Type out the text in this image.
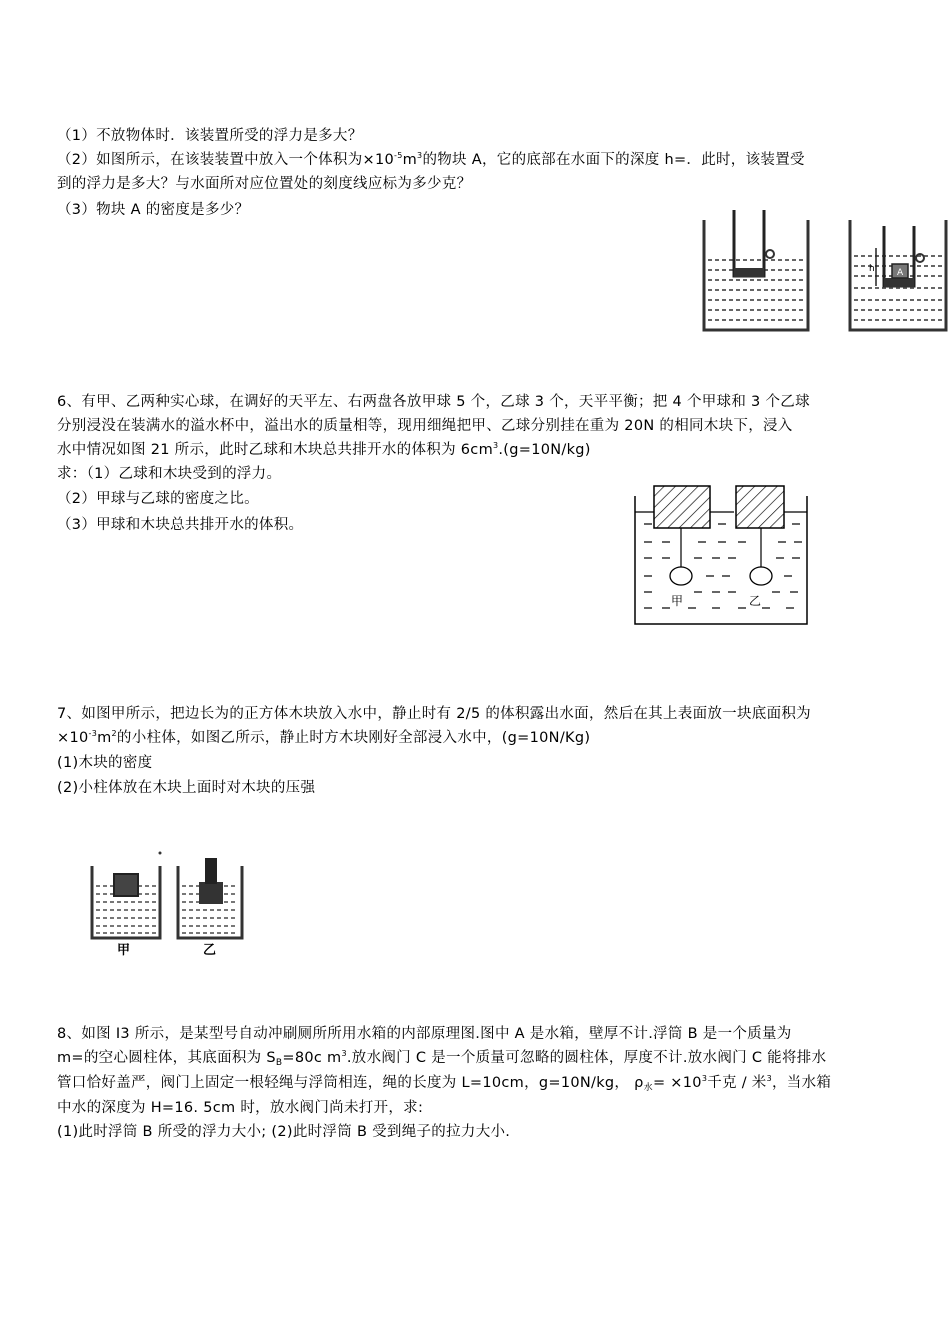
（1）不放物体时．该装置所受的浮力是多大？
（2）如图所示，在该装装置中放入一个体积为$\times 10^{-5}m^3$的物块 A，它的底部在水面下的深度 h=．此时，该装置受
到的浮力是多大？与水面所对应位置处的刻度线应标为多少克？
（3）物块 A 的密度是多少？
A
h
6、有甲、乙两种实心球，在调好的天平左、右两盘各放甲球 5 个，乙球 3 个，天平平衡；把 4 个甲球和 3 个乙球
分别浸没在装满水的溢水杯中，溢出水的质量相等，现用细绳把甲、乙球分别挂在重为 20N 的相同木块下，浸入
水中情况如图 21 所示，此时乙球和木块总共排开水的体积为 $6cm^3.(g=10N/kg)$
求：（1）乙球和木块受到的浮力。
（2）甲球与乙球的密度之比。
（3）甲球和木块总共排开水的体积。
甲	乙
7、如图甲所示，把边长为的正方体木块放入水中，静止时有 2/5 的体积露出水面，然后在其上表面放一块底面积为
$\times 10^{-3}m^2$的小柱体，如图乙所示，静止时方木块刚好全部浸入水中，(g=10N/Kg)
(1)木块的密度
(2)小柱体放在木块上面时对木块的压强
甲	乙
8、如图 I3 所示，是某型号自动冲刷厕所所用水箱的内部原理图.图中 A 是水箱，壁厚不计.浮筒 B 是一个质量为
m=的空心圆柱体，其底面积为 $S_B=80c$ $m^3$.放水阀门 C 是一个质量可忽略的圆柱体，厚度不计.放水阀门 C 能将排水
管口恰好盖严，阀门上固定一根轻绳与浮筒相连，绳的长度为 L=10cm，g=10N/kg， $\rho_水= \times 10^3$千克 / 米$^3$，当水箱
中水的深度为 H=16. 5cm 时，放水阀门尚未打开，求:
(1)此时浮筒 B 所受的浮力大小; (2)此时浮筒 B 受到绳子的拉力大小.
